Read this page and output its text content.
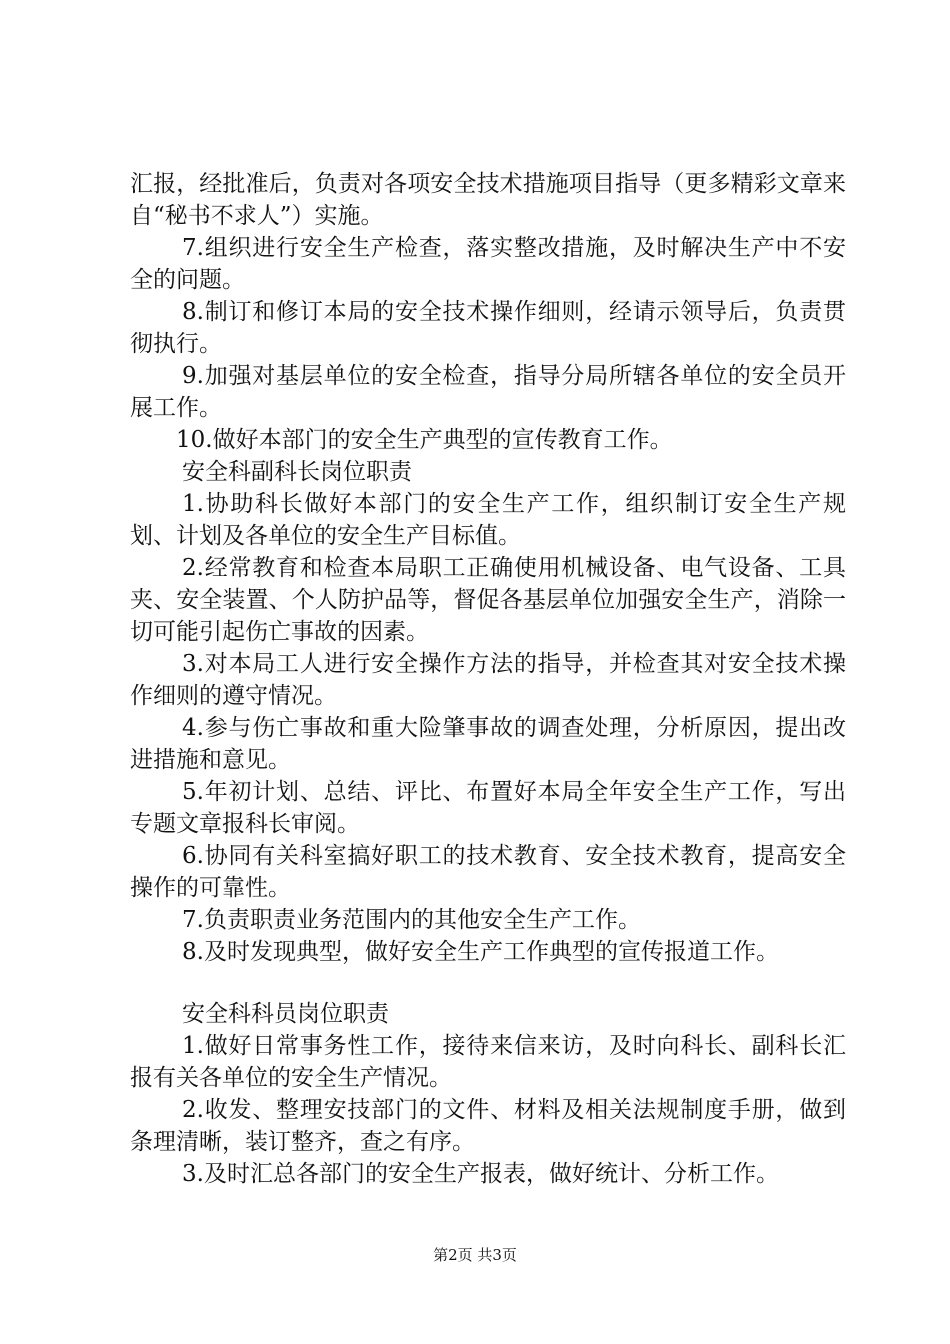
汇报，经批准后，负责对各项安全技术措施项目指导（更多精彩文章来自“秘书不求人”）实施。

7.组织进行安全生产检查，落实整改措施，及时解决生产中不安全的问题。

8.制订和修订本局的安全技术操作细则，经请示领导后，负责贯彻执行。

9.加强对基层单位的安全检查，指导分局所辖各单位的安全员开展工作。

10.做好本部门的安全生产典型的宣传教育工作。

安全科副科长岗位职责

1.协助科长做好本部门的安全生产工作，组织制订安全生产规划、计划及各单位的安全生产目标值。

2.经常教育和检查本局职工正确使用机械设备、电气设备、工具夹、安全装置、个人防护品等，督促各基层单位加强安全生产，消除一切可能引起伤亡事故的因素。

3.对本局工人进行安全操作方法的指导，并检查其对安全技术操作细则的遵守情况。

4.参与伤亡事故和重大险肇事故的调查处理，分析原因，提出改进措施和意见。

5.年初计划、总结、评比、布置好本局全年安全生产工作，写出专题文章报科长审阅。

6.协同有关科室搞好职工的技术教育、安全技术教育，提高安全操作的可靠性。

7.负责职责业务范围内的其他安全生产工作。

8.及时发现典型，做好安全生产工作典型的宣传报道工作。

安全科科员岗位职责

1.做好日常事务性工作，接待来信来访，及时向科长、副科长汇报有关各单位的安全生产情况。

2.收发、整理安技部门的文件、材料及相关法规制度手册，做到条理清晰，装订整齐，查之有序。

3.及时汇总各部门的安全生产报表，做好统计、分析工作。

第2页 共3页
